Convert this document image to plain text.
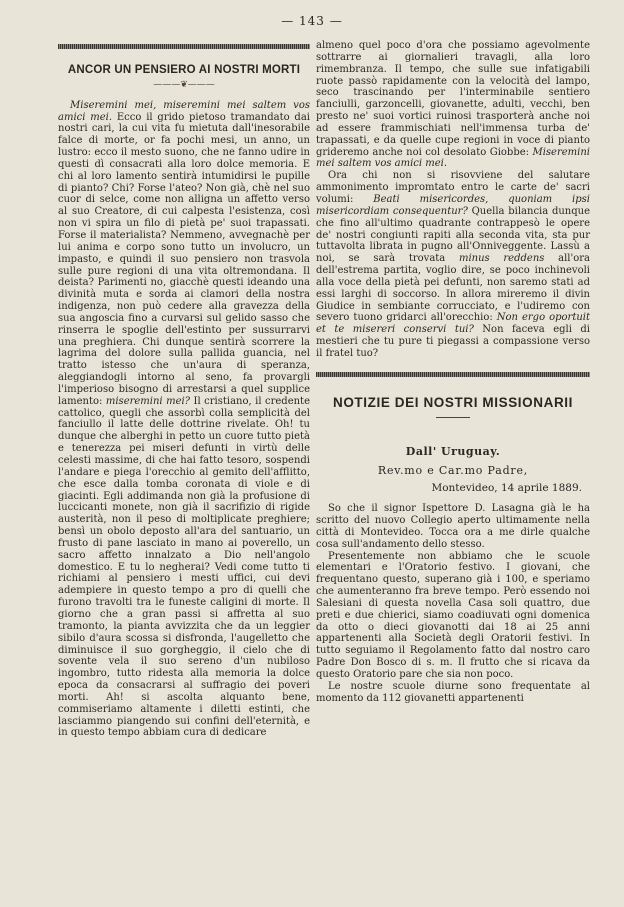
— 143 —
ANCOR UN PENSIERO AI NOSTRI MORTI
———❦———

Miseremini mei, miseremini mei saltem vos amici mei. Ecco il grido pietoso tramandato dai nostri cari, la cui vita fu mietuta dall'inesorabile falce di morte, or fa pochi mesi, un anno, un lustro: ecco il mesto suono, che ne fanno udire in questi dì consacrati alla loro dolce memoria. E chi al loro lamento sentirà intumidirsi le pupille di pianto? Chi? Forse l'ateo? Non già, chè nel suo cuor di selce, come non alligna un affetto verso al suo Creatore, di cui calpesta l'esistenza, così non vi spira un filo di pietà pe' suoi trapassati. Forse il materialista? Nemmeno, avvegnachè per lui anima e corpo sono tutto un involucro, un impasto, e quindi il suo pensiero non trasvola sulle pure regioni di una vita oltremondana. Il deista? Parimenti no, giacchè questi ideando una divinità muta e sorda ai clamori della nostra indigenza, non può cedere alla gravezza della sua angoscia fino a curvarsi sul gelido sasso che rinserra le spoglie dell'estinto per sussurrarvi una preghiera. Chi dunque sentirà scorrere la lagrima del dolore sulla pallida guancia, nel tratto istesso che un'aura di speranza, aleggiandogli intorno al seno, fa provargli l'imperioso bisogno di arrestarsi a quel supplice lamento: miseremini mei? Il cristiano, il credente cattolico, quegli che assorbì colla semplicità del fanciullo il latte delle dottrine rivelate. Oh! tu dunque che alberghi in petto un cuore tutto pietà e tenerezza pei miseri defunti in virtù delle celesti massime, di che hai fatto tesoro, sospendi l'andare e piega l'orecchio al gemito dell'afflitto, che esce dalla tomba coronata di viole e di giacinti. Egli addimanda non già la profusione di luccicanti monete, non già il sacrifizio di rigide austerità, non il peso di moltiplicate preghiere; bensì un obolo deposto all'ara del santuario, un frusto di pane lasciato in mano ai poverello, un sacro affetto innalzato a Dio nell'angolo domestico. E tu lo negherai? Vedi come tutto ti richiami al pensiero i mesti uffici, cui devi adempiere in questo tempo a pro di quelli che furono travolti tra le funeste caligini di morte. Il giorno che a gran passi si affretta al suo tramonto, la pianta avvizzita che da un leggier sibilo d'aura scossa si disfronda, l'augelletto che diminuisce il suo gorgheggio, il cielo che di sovente vela il suo sereno d'un nubiloso ingombro, tutto ridesta alla memoria la dolce epoca da consacrarsi al suffragio dei poveri morti. Ah! si ascolta alquanto bene, commiseriamo altamente i diletti estinti, che lasciammo piangendo sui confini dell'eternità, e in questo tempo abbiam cura di dedicare

almeno quel poco d'ora che possiamo agevolmente sottrarre ai giornalieri travagli, alla loro rimembranza. Il tempo, che sulle sue infatigabili ruote passò rapidamente con la velocità del lampo, seco trascinando per l'interminabile sentiero fanciulli, garzoncelli, giovanette, adulti, vecchi, ben presto ne' suoi vortici ruinosi trasporterà anche noi ad essere frammischiati nell'immensa turba de' trapassati, e da quelle cupe regioni in voce di pianto grideremo anche noi col desolato Giobbe: Miseremini mei saltem vos amici mei.

Ora chi non si risovviene del salutare ammonimento impromtato entro le carte de' sacri volumi: Beati misericordes, quoniam ipsi misericordiam consequentur? Quella bilancia dunque che fino all'ultimo quadrante contrappesò le opere de' nostri congiunti rapiti alla seconda vita, sta pur tuttavolta librata in pugno all'Onniveggente. Lassù a noi, se sarà trovata minus reddens all'ora dell'estrema partita, voglio dire, se poco inchinevoli alla voce della pietà pei defunti, non saremo stati ad essi larghi di soccorso. In allora mireremo il divin Giudice in sembiante corrucciato, e l'udiremo con severo tuono gridarci all'orecchio: Non ergo oportuit et te misereri conservi tui? Non faceva egli di mestieri che tu pure ti piegassi a compassione verso il fratel tuo?

NOTIZIE DEI NOSTRI MISSIONARII
Dall' Uruguay.
Rev.mo e Car.mo Padre,
Montevideo, 14 aprile 1889.

So che il signor Ispettore D. Lasagna già le ha scritto del nuovo Collegio aperto ultimamente nella città di Montevideo. Tocca ora a me dirle qualche cosa sull'andamento dello stesso.

Presentemente non abbiamo che le scuole elementari e l'Oratorio festivo. I giovani, che frequentano questo, superano già i 100, e speriamo che aumenteranno fra breve tempo. Però essendo noi Salesiani di questa novella Casa soli quattro, due preti e due chierici, siamo coadiuvati ogni domenica da otto o dieci giovanotti dai 18 ai 25 anni appartenenti alla Società degli Oratorii festivi. In tutto seguiamo il Regolamento fatto dal nostro caro Padre Don Bosco di s. m. Il frutto che si ricava da questo Oratorio pare che sia non poco.

Le nostre scuole diurne sono frequentate al momento da 112 giovanetti appartenenti
